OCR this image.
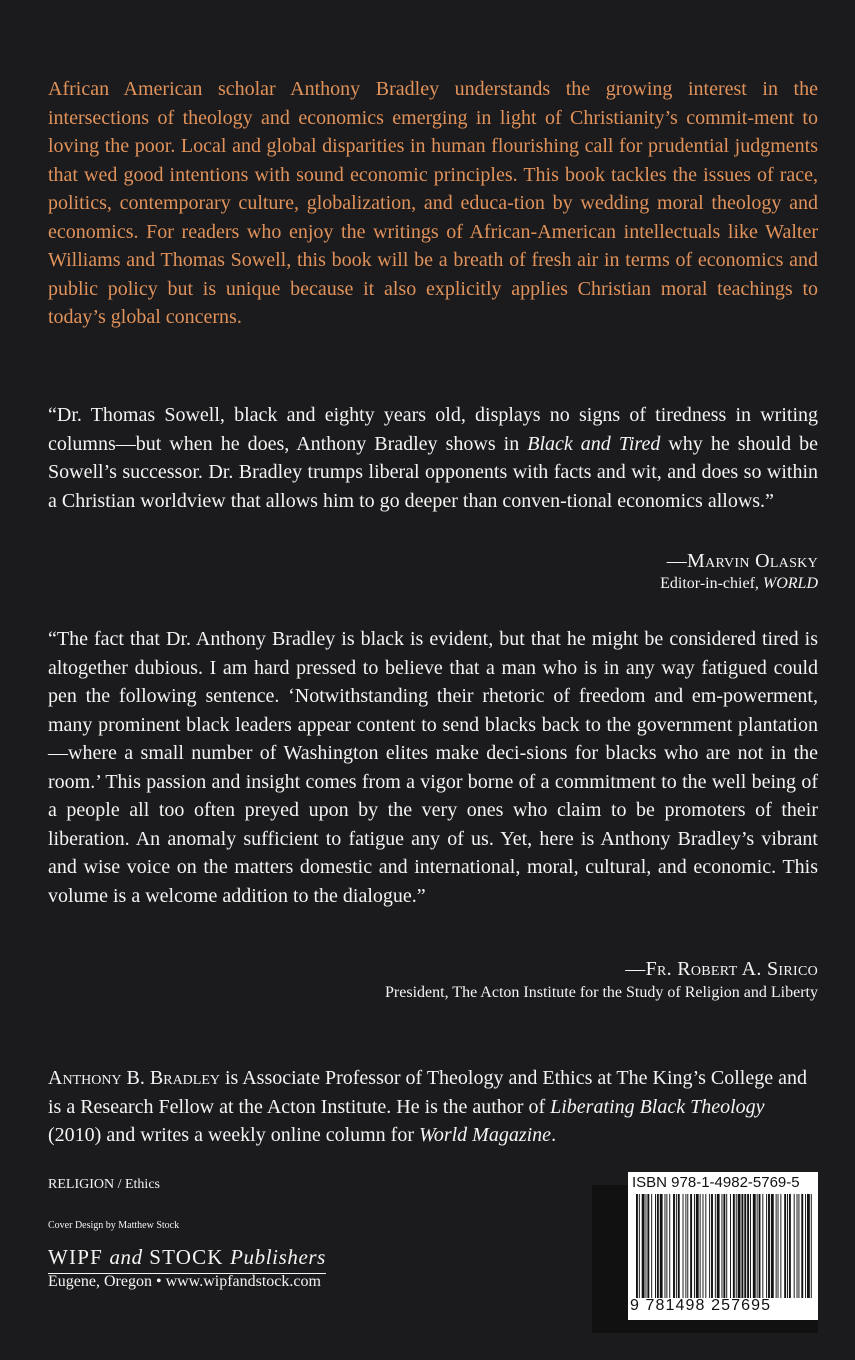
African American scholar Anthony Bradley understands the growing interest in the intersections of theology and economics emerging in light of Christianity’s commit-ment to loving the poor. Local and global disparities in human flourishing call for prudential judgments that wed good intentions with sound economic principles. This book tackles the issues of race, politics, contemporary culture, globalization, and educa-tion by wedding moral theology and economics. For readers who enjoy the writings of African-American intellectuals like Walter Williams and Thomas Sowell, this book will be a breath of fresh air in terms of economics and public policy but is unique because it also explicitly applies Christian moral teachings to today’s global concerns.

“Dr. Thomas Sowell, black and eighty years old, displays no signs of tiredness in writing columns—but when he does, Anthony Bradley shows in Black and Tired why he should be Sowell’s successor. Dr. Bradley trumps liberal opponents with facts and wit, and does so within a Christian worldview that allows him to go deeper than conven-tional economics allows.”

—Marvin Olasky
Editor-in-chief, WORLD

“The fact that Dr. Anthony Bradley is black is evident, but that he might be considered tired is altogether dubious. I am hard pressed to believe that a man who is in any way fatigued could pen the following sentence. ‘Notwithstanding their rhetoric of freedom and em-powerment, many prominent black leaders appear content to send blacks back to the government plantation—where a small number of Washington elites make deci-sions for blacks who are not in the room.’ This passion and insight comes from a vigor borne of a commitment to the well being of a people all too often preyed upon by the very ones who claim to be promoters of their liberation. An anomaly sufficient to fatigue any of us. Yet, here is Anthony Bradley’s vibrant and wise voice on the matters domestic and international, moral, cultural, and economic. This volume is a welcome addition to the dialogue.”

—Fr. Robert A. Sirico
President, The Acton Institute for the Study of Religion and Liberty

Anthony B. Bradley is Associate Professor of Theology and Ethics at The King’s College and is a Research Fellow at the Acton Institute. He is the author of Liberating Black Theology (2010) and writes a weekly online column for World Magazine.

RELIGION / Ethics
Cover Design by Matthew Stock
WIPF and STOCK Publishers
Eugene, Oregon • www.wipfandstock.com
ISBN 978-1-4982-5769-5
9 781498 257695
